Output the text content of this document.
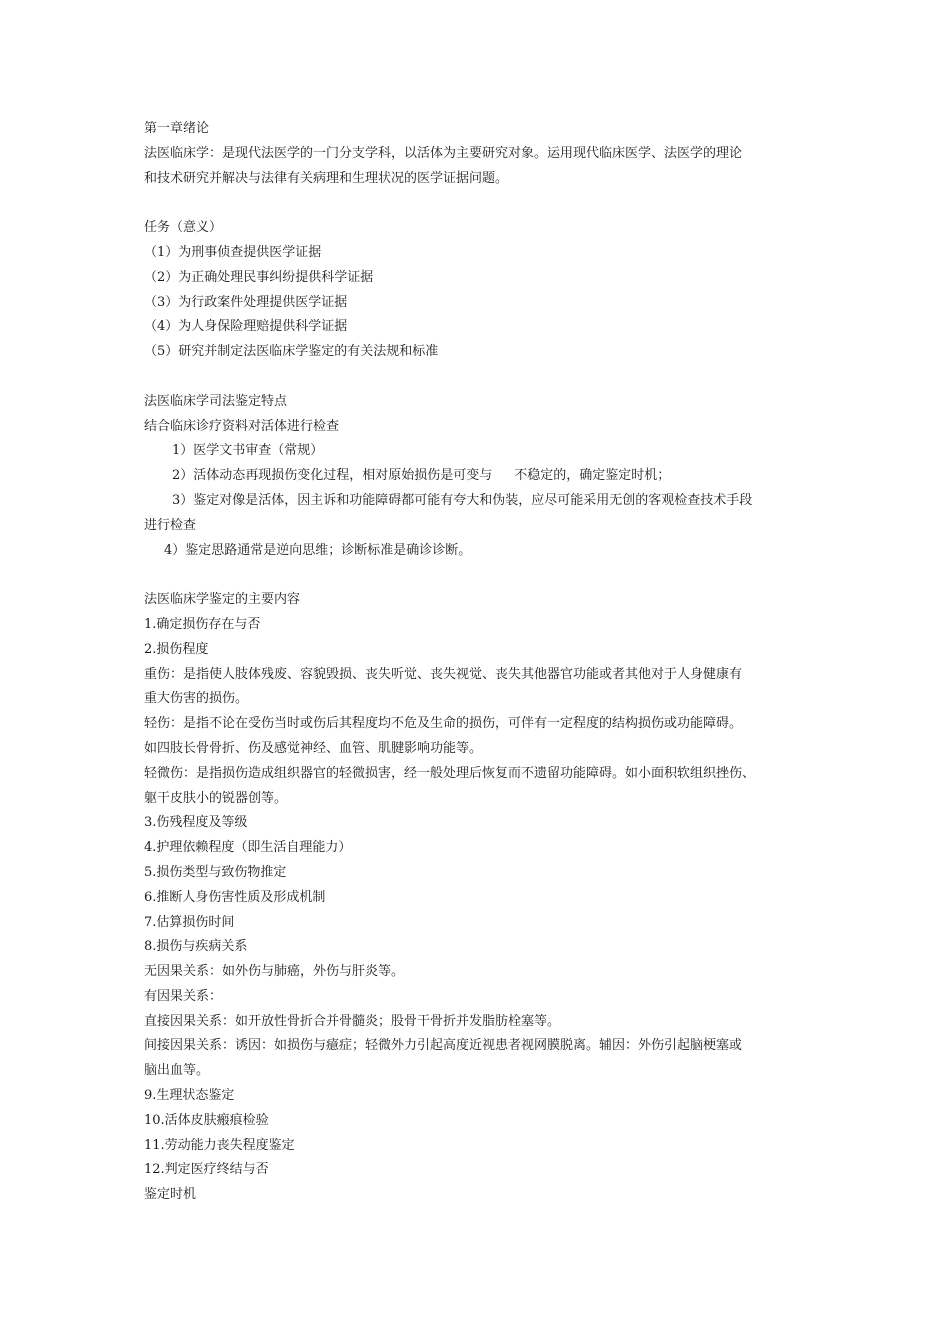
第一章绪论
法医临床学：是现代法医学的一门分支学科，以活体为主要研究对象。运用现代临床医学、法医学的理论
和技术研究并解决与法律有关病理和生理状况的医学证据问题。
任务（意义）
（1）为刑事侦查提供医学证据
（2）为正确处理民事纠纷提供科学证据
（3）为行政案件处理提供医学证据
（4）为人身保险理赔提供科学证据
（5）研究并制定法医临床学鉴定的有关法规和标准
法医临床学司法鉴定特点
结合临床诊疗资料对活体进行检查
1）医学文书审查（常规）
2）活体动态再现损伤变化过程，相对原始损伤是可变与 不稳定的，确定鉴定时机；
3）鉴定对像是活体，因主诉和功能障碍都可能有夸大和伪装，应尽可能采用无创的客观检查技术手段
进行检查
4）鉴定思路通常是逆向思维；诊断标准是确诊诊断。
法医临床学鉴定的主要内容
1.确定损伤存在与否
2.损伤程度
重伤：是指使人肢体残废、容貌毁损、丧失听觉、丧失视觉、丧失其他器官功能或者其他对于人身健康有
重大伤害的损伤。
轻伤：是指不论在受伤当时或伤后其程度均不危及生命的损伤，可伴有一定程度的结构损伤或功能障碍。
如四肢长骨骨折、伤及感觉神经、血管、肌腱影响功能等。
轻微伤：是指损伤造成组织器官的轻微损害，经一般处理后恢复而不遗留功能障碍。如小面积软组织挫伤、
躯干皮肤小的锐器创等。
3.伤残程度及等级
4.护理依赖程度（即生活自理能力）
5.损伤类型与致伤物推定
6.推断人身伤害性质及形成机制
7.估算损伤时间
8.损伤与疾病关系
无因果关系：如外伤与肺癌，外伤与肝炎等。
有因果关系：
直接因果关系：如开放性骨折合并骨髓炎；股骨干骨折并发脂肪栓塞等。
间接因果关系：诱因：如损伤与癔症；轻微外力引起高度近视患者视网膜脱离。辅因：外伤引起脑梗塞或
脑出血等。
9.生理状态鉴定
10.活体皮肤瘢痕检验
11.劳动能力丧失程度鉴定
12.判定医疗终结与否
鉴定时机
